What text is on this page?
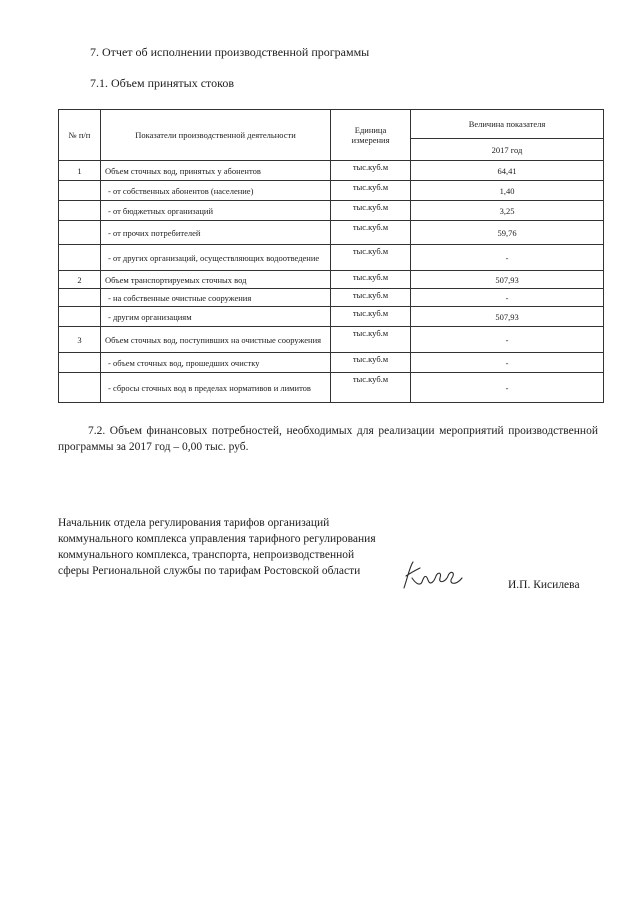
7. Отчет об исполнении производственной программы
7.1. Объем принятых стоков
№ п/п	Показатели производственной деятельности	Единица измерения	Величина показателя
			2017 год
1	Объем сточных вод, принятых у абонентов	тыс.куб.м	64,41
	- от собственных абонентов (население)	тыс.куб.м	1,40
	- от бюджетных организаций	тыс.куб.м	3,25
	- от прочих потребителей	тыс.куб.м	59,76
	- от других организаций, осуществляющих водоотведение	тыс.куб.м	-
2	Объем транспортируемых сточных вод	тыс.куб.м	507,93
	- на собственные очистные сооружения	тыс.куб.м	-
	- другим организациям	тыс.куб.м	507,93
3	Объем сточных вод, поступивших на очистные сооружения	тыс.куб.м	-
	- объем сточных вод, прошедших очистку	тыс.куб.м	-
	- сбросы сточных вод в пределах нормативов и лимитов	тыс.куб.м	-
7.2. Объем финансовых потребностей, необходимых для реализации мероприятий производственной программы за 2017 год – 0,00 тыс. руб.
Начальник отдела регулирования тарифов организаций коммунального комплекса управления тарифного регулирования коммунального комплекса, транспорта, непроизводственной сферы Региональной службы по тарифам Ростовской области
И.П. Кисилева
